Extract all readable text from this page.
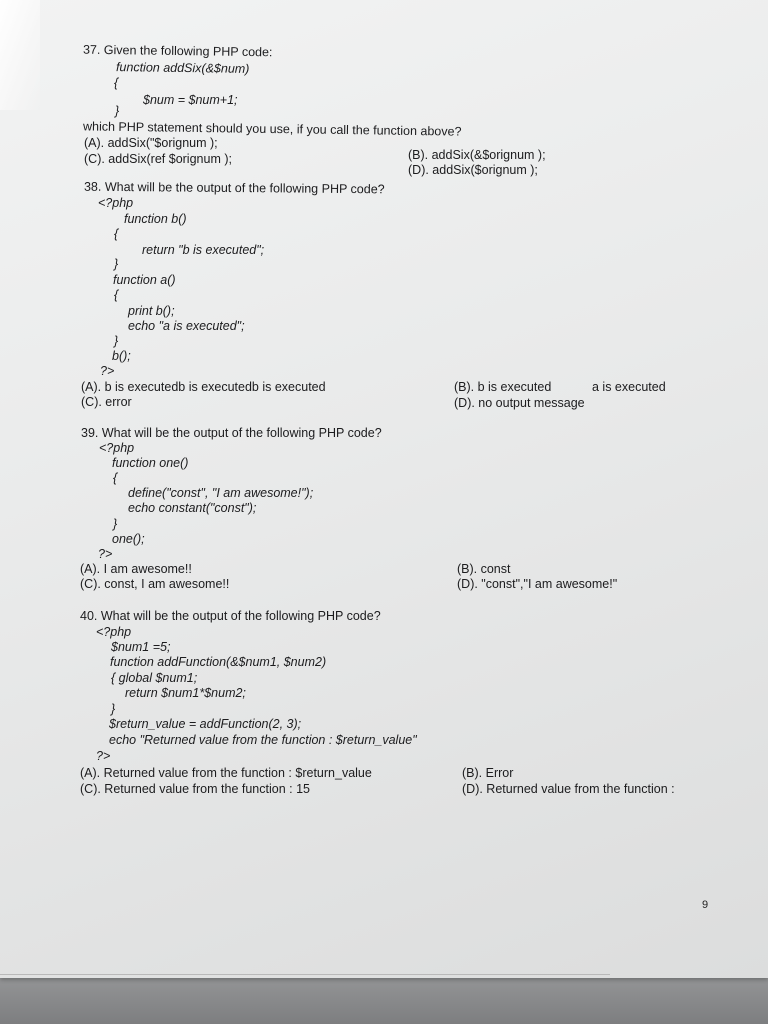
37. Given the following PHP code:
function addSix(&$num)
{
$num = $num+1;
}
which PHP statement should you use, if you call the function above?
(A). addSix("$orignum );
(B). addSix(&$orignum );
(C). addSix(ref $orignum );
(D). addSix($orignum );
38. What will be the output of the following PHP code?
<?php
function b()
{
return "b is executed";
}
function a()
{
print b();
echo "a is executed";
}
b();
?>
(A). b is executedb is executedb is executed	(B). b is executed	a is executed
(C). error	(D). no output message
39. What will be the output of the following PHP code?
<?php
function one()
{
define("const", "I am awesome!");
echo constant("const");
}
one();
?>
(A). I am awesome!!	(B). const
(C). const, I am awesome!!	(D). "const","I am awesome!"
40. What will be the output of the following PHP code?
<?php
$num1 =5;
function addFunction(&$num1, $num2)
{ global $num1;
return $num1*$num2;
}
$return_value = addFunction(2, 3);
echo "Returned value from the function : $return_value"
?>
(A). Returned value from the function : $return_value	(B). Error
(C). Returned value from the function : 15	(D). Returned value from the function :
9
